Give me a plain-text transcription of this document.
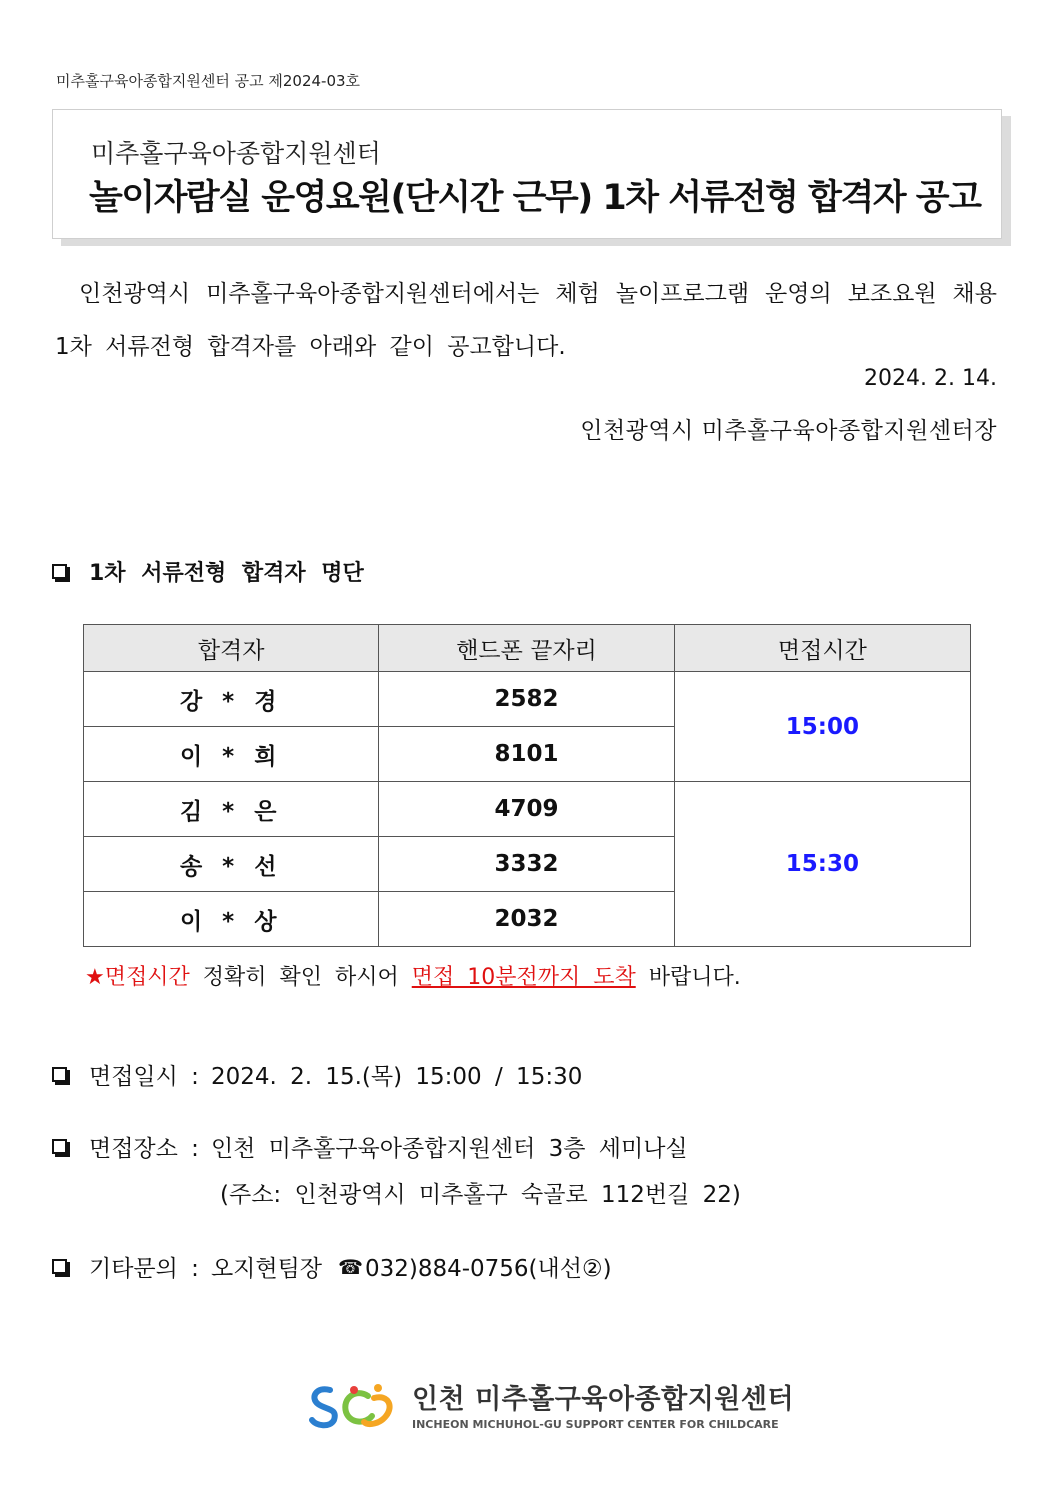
미추홀구육아종합지원센터 공고 제2024-03호
미추홀구육아종합지원센터
놀이자람실 운영요원(단시간 근무) 1차 서류전형 합격자 공고
인천광역시 미추홀구육아종합지원센터에서는 체험 놀이프로그램 운영의 보조요원 채용 1차 서류전형 합격자를 아래와 같이 공고합니다.
2024. 2. 14.
인천광역시 미추홀구육아종합지원센터장
1차 서류전형 합격자 명단
합격자	핸드폰 끝자리	면접시간
강 * 경	2582	15:00
이 * 희	8101	
김 * 은	4709	15:30
송 * 선	3332	
이 * 상	2032	
★면접시간 정확히 확인 하시어 면접 10분전까지 도착 바랍니다.
면접일시 : 2024. 2. 15.(목) 15:00 / 15:30
면접장소 : 인천 미추홀구육아종합지원센터 3층 세미나실
(주소: 인천광역시 미추홀구 숙골로 112번길 22)
기타문의 : 오지현팀장 ☎ 032)884-0756(내선②)
인천 미추홀구육아종합지원센터
INCHEON MICHUHOL-GU SUPPORT CENTER FOR CHILDCARE
